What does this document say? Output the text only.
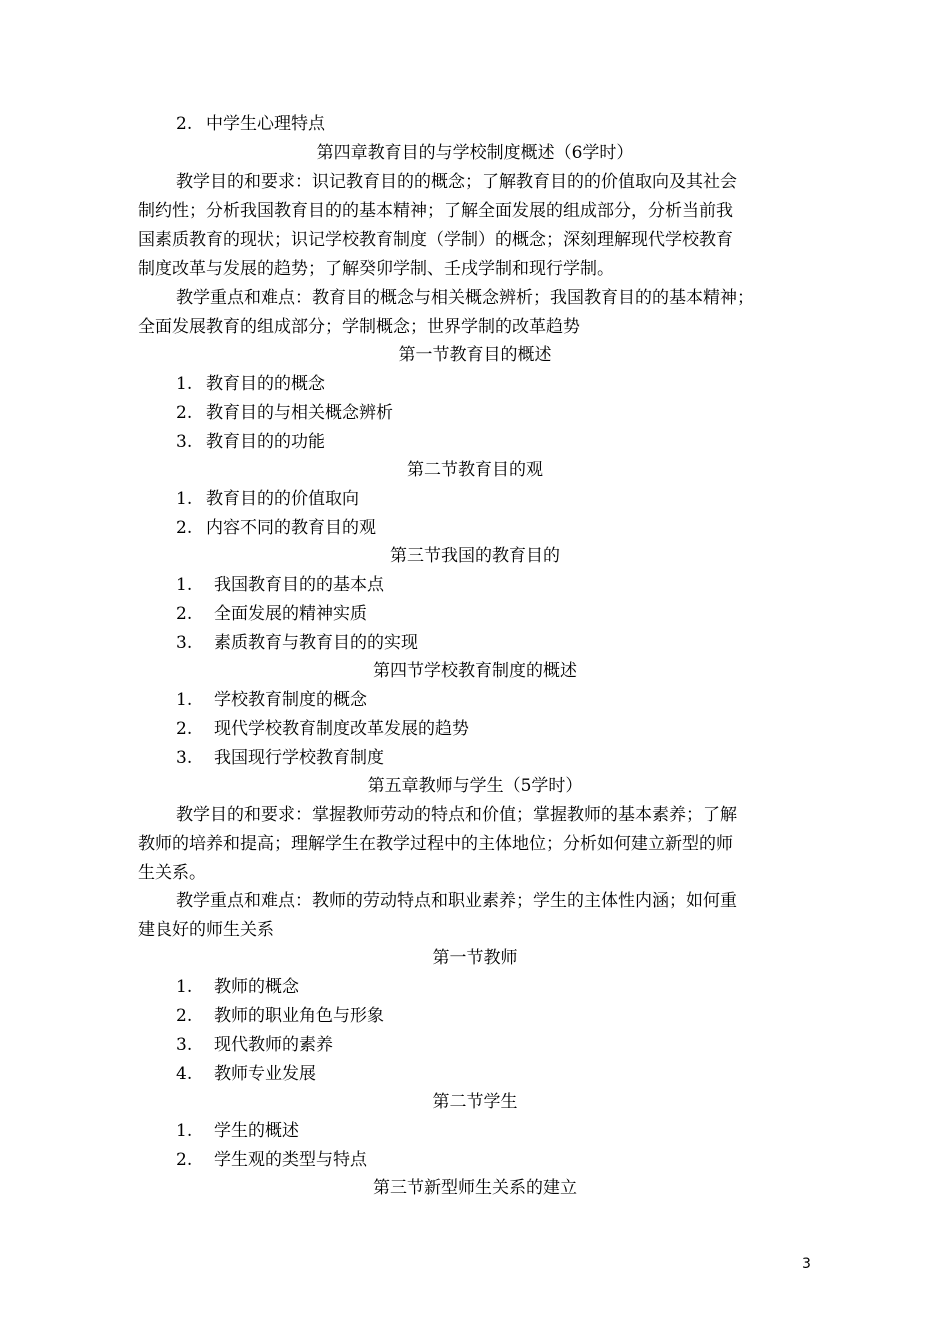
2. 中学生心理特点
第四章教育目的与学校制度概述（6学时）
教学目的和要求：识记教育目的的概念；了解教育目的的价值取向及其社会
制约性；分析我国教育目的的基本精神；了解全面发展的组成部分，分析当前我
国素质教育的现状；识记学校教育制度（学制）的概念；深刻理解现代学校教育
制度改革与发展的趋势；了解癸卯学制、壬戌学制和现行学制。
教学重点和难点：教育目的概念与相关概念辨析；我国教育目的的基本精神；
全面发展教育的组成部分；学制概念；世界学制的改革趋势
第一节教育目的概述
1. 教育目的的概念
2. 教育目的与相关概念辨析
3. 教育目的的功能
第二节教育目的观
1. 教育目的的价值取向
2. 内容不同的教育目的观
第三节我国的教育目的
1. 我国教育目的的基本点
2. 全面发展的精神实质
3. 素质教育与教育目的的实现
第四节学校教育制度的概述
1. 学校教育制度的概念
2. 现代学校教育制度改革发展的趋势
3. 我国现行学校教育制度
第五章教师与学生（5学时）
教学目的和要求：掌握教师劳动的特点和价值；掌握教师的基本素养；了解
教师的培养和提高；理解学生在教学过程中的主体地位；分析如何建立新型的师
生关系。
教学重点和难点：教师的劳动特点和职业素养；学生的主体性内涵；如何重
建良好的师生关系
第一节教师
1. 教师的概念
2. 教师的职业角色与形象
3. 现代教师的素养
4. 教师专业发展
第二节学生
1. 学生的概述
2. 学生观的类型与特点
第三节新型师生关系的建立
3
